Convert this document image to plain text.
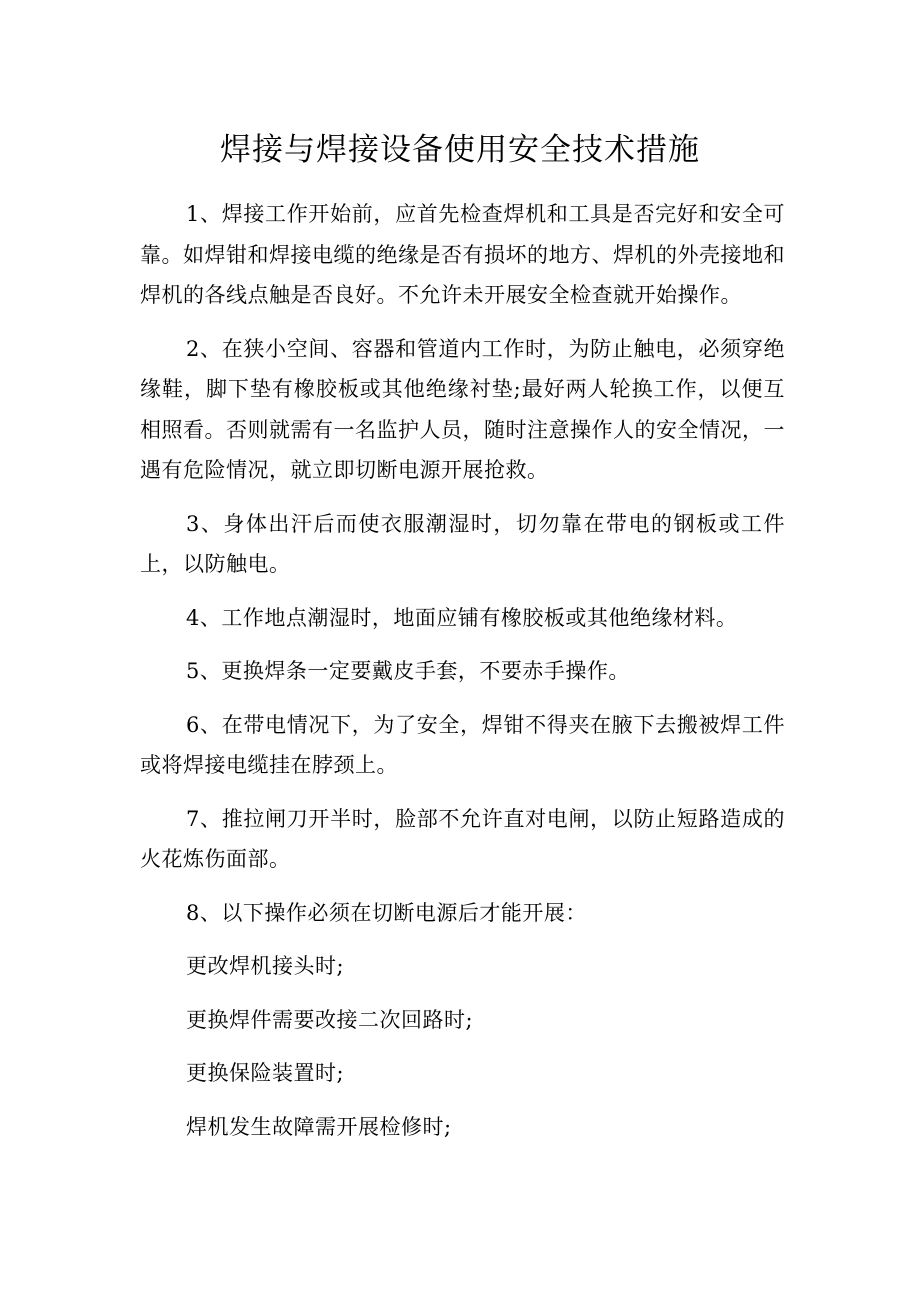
焊接与焊接设备使用安全技术措施

1、焊接工作开始前，应首先检查焊机和工具是否完好和安全可靠。如焊钳和焊接电缆的绝缘是否有损坏的地方、焊机的外壳接地和焊机的各线点触是否良好。不允许未开展安全检查就开始操作。

2、在狭小空间、容器和管道内工作时，为防止触电，必须穿绝缘鞋，脚下垫有橡胶板或其他绝缘衬垫;最好两人轮换工作，以便互相照看。否则就需有一名监护人员，随时注意操作人的安全情况，一遇有危险情况，就立即切断电源开展抢救。

3、身体出汗后而使衣服潮湿时，切勿靠在带电的钢板或工件上，以防触电。

4、工作地点潮湿时，地面应铺有橡胶板或其他绝缘材料。

5、更换焊条一定要戴皮手套，不要赤手操作。

6、在带电情况下，为了安全，焊钳不得夹在腋下去搬被焊工件或将焊接电缆挂在脖颈上。

7、推拉闸刀开半时，脸部不允许直对电闸，以防止短路造成的火花炼伤面部。

8、以下操作必须在切断电源后才能开展：

更改焊机接头时;

更换焊件需要改接二次回路时;

更换保险装置时;

焊机发生故障需开展检修时;
